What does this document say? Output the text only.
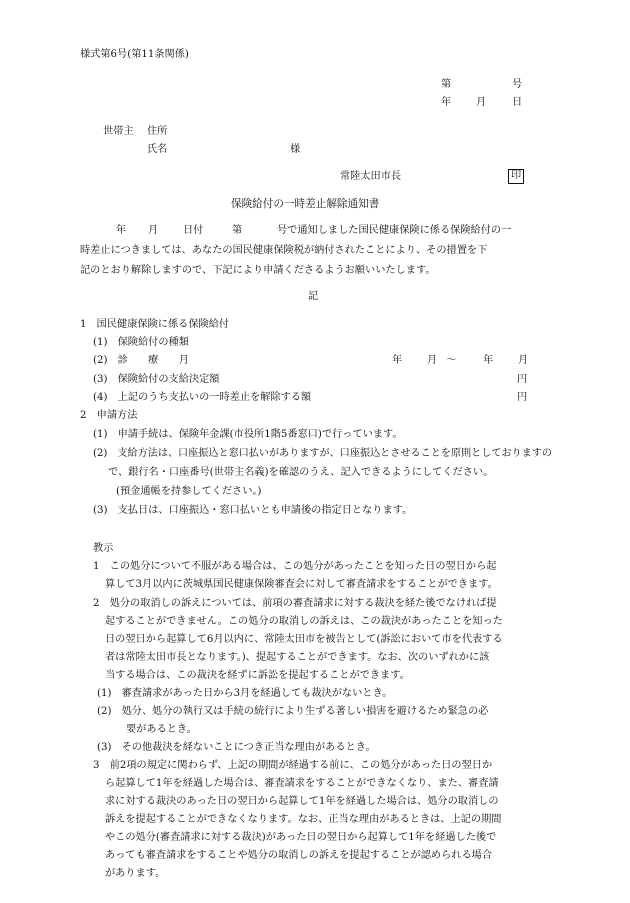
様式第6号(第11条関係)
第	号
年 月	日
世帯主 住所
氏名	様
常陸太田市長	印
保険給付の一時差止解除通知書
年 月 日付	第	号で通知しました国民健康保険に係る保険給付の一
時差止につきましては、あなたの国民健康保険税が納付されたことにより、その措置を下
記のとおり解除しますので、下記により申請くださるようお願いいたします。
記
1　国民健康保険に係る保険給付
(1)　保険給付の種類
(2)　診　　療　　月	年 月 ～	年 月
(3)　保険給付の支給決定額	円
(4)　上記のうち支払いの一時差止を解除する額	円
2　申請方法
(1)　申請手続は、保険年金課(市役所1階5番窓口)で行っています。
(2)　支給方法は、口座振込と窓口払いがありますが、口座振込とさせることを原則としておりますの
で、銀行名・口座番号(世帯主名義)を確認のうえ、記入できるようにしてください。
(預金通帳を持参してください。)
(3)　支払日は、口座振込・窓口払いとも申請後の指定日となります。
教示
1　この処分について不服がある場合は、この処分があったことを知った日の翌日から起
算して3月以内に茨城県国民健康保険審査会に対して審査請求をすることができます。
2　処分の取消しの訴えについては、前項の審査請求に対する裁決を経た後でなければ提
起することができません。この処分の取消しの訴えは、この裁決があったことを知った
日の翌日から起算して6月以内に、常陸太田市を被告として(訴訟において市を代表する
者は常陸太田市長となります。)、提起することができます。なお、次のいずれかに該
当する場合は、この裁決を経ずに訴訟を提起することができます。
(1)　審査請求があった日から3月を経過しても裁決がないとき。
(2)　処分、処分の執行又は手続の続行により生ずる著しい損害を避けるため緊急の必
要があるとき。
(3)　その他裁決を経ないことにつき正当な理由があるとき。
3　前2項の規定に関わらず、上記の期間が経過する前に、この処分があった日の翌日か
ら起算して1年を経過した場合は、審査請求をすることができなくなり、また、審査請
求に対する裁決のあった日の翌日から起算して1年を経過した場合は、処分の取消しの
訴えを提起することができなくなります。なお、正当な理由があるときは、上記の期間
やこの処分(審査請求に対する裁決)があった日の翌日から起算して1年を経過した後で
あっても審査請求をすることや処分の取消しの訴えを提起することが認められる場合
があります。
